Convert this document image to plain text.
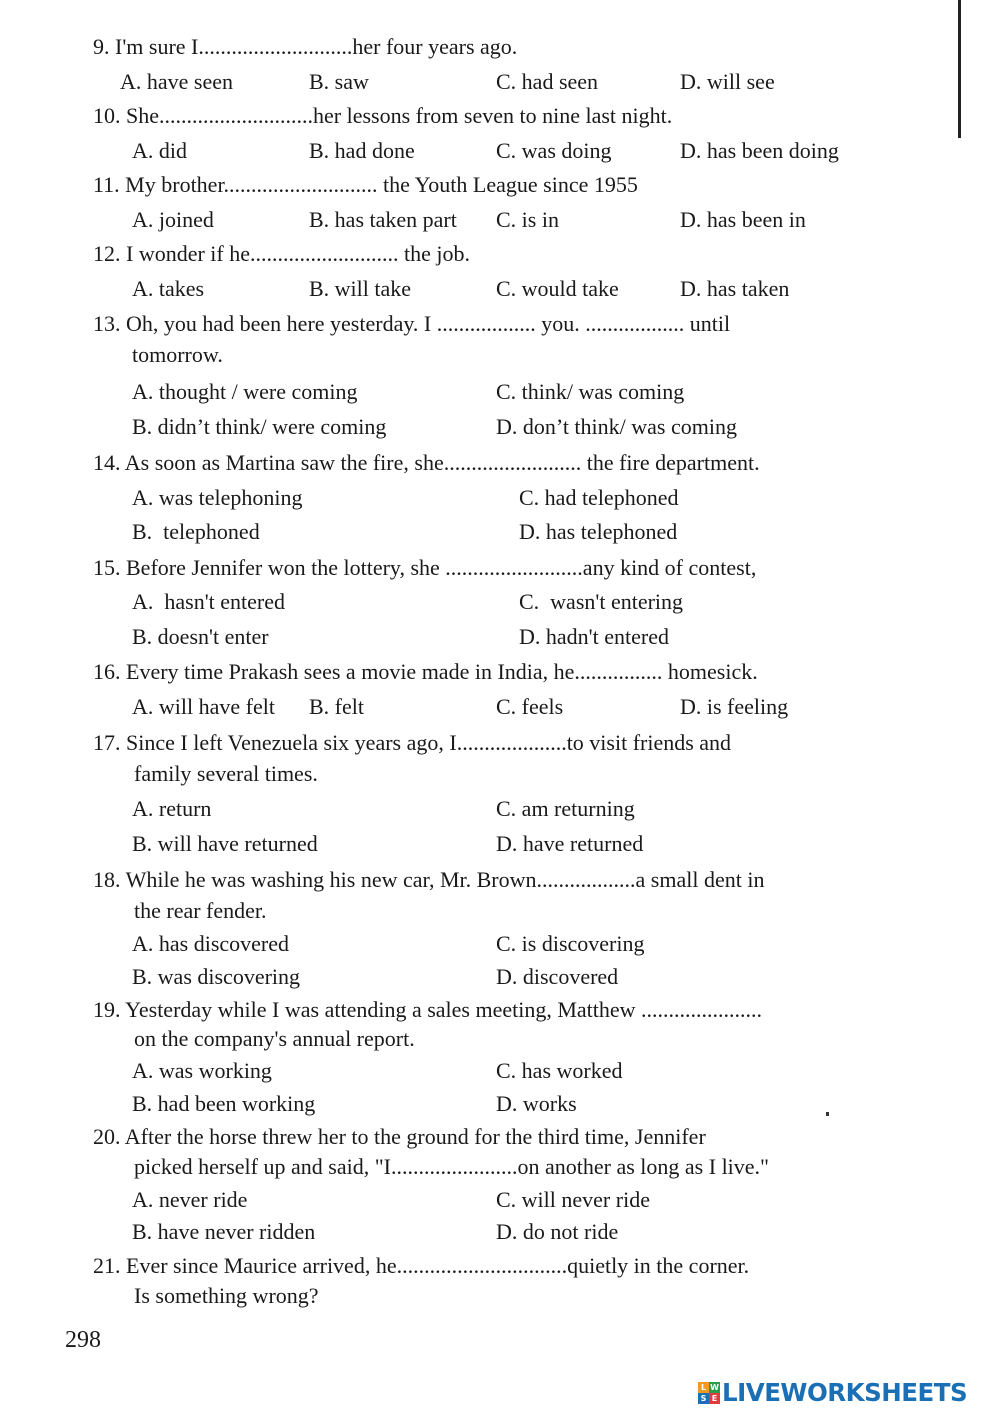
9. I'm sure I............................her four years ago.
A. have seen	B. saw	C. had seen	D. will see
10. She............................her lessons from seven to nine last night.
A. did	B. had done	C. was doing	D. has been doing
11. My brother............................ the Youth League since 1955
A. joined	B. has taken part C. is in	D. has been in
12. I wonder if he........................... the job.
A. takes	B. will take	C. would take	D. has taken
13. Oh, you had been here yesterday. I .................. you. .................. until
tomorrow.
A. thought / were coming	C. think/ was coming
B. didn’t think/ were coming	D. don’t think/ was coming
14. As soon as Martina saw the fire, she......................... the fire department.
A. was telephoning	C. had telephoned
B.  telephoned	D. has telephoned
15. Before Jennifer won the lottery, she .........................any kind of contest,
A.  hasn't entered	C.  wasn't entering
B. doesn't enter	D. hadn't entered
16. Every time Prakash sees a movie made in India, he................ homesick.
A. will have felt B. felt	C. feels	D. is feeling
17. Since I left Venezuela six years ago, I....................to visit friends and
family several times.
A. return	C. am returning
B. will have returned	D. have returned
18. While he was washing his new car, Mr. Brown..................a small dent in
the rear fender.
A. has discovered	C. is discovering
B. was discovering	D. discovered
19. Yesterday while I was attending a sales meeting, Matthew ......................
on the company's annual report.
A. was working	C. has worked
B. had been working	D. works
20. After the horse threw her to the ground for the third time, Jennifer
picked herself up and said, "I.......................on another as long as I live."
A. never ride	C. will never ride
B. have never ridden	D. do not ride
21. Ever since Maurice arrived, he...............................quietly in the corner.
Is something wrong?
298
L W
S E LIVEWORKSHEETS
